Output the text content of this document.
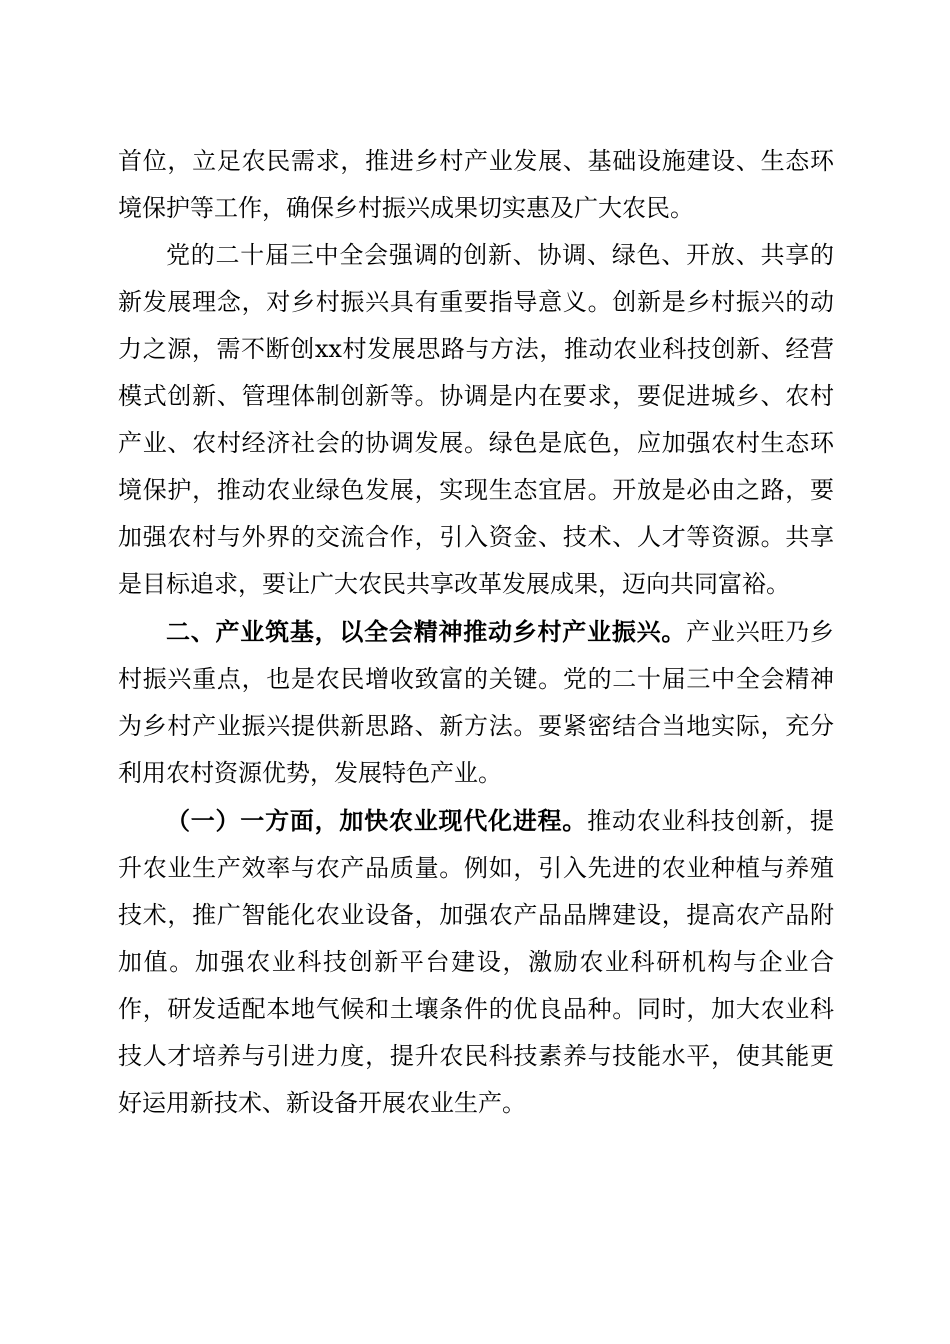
首位，立足农民需求，推进乡村产业发展、基础设施建设、生态环境保护等工作，确保乡村振兴成果切实惠及广大农民。

党的二十届三中全会强调的创新、协调、绿色、开放、共享的新发展理念，对乡村振兴具有重要指导意义。创新是乡村振兴的动力之源，需不断创xx村发展思路与方法，推动农业科技创新、经营模式创新、管理体制创新等。协调是内在要求，要促进城乡、农村产业、农村经济社会的协调发展。绿色是底色，应加强农村生态环境保护，推动农业绿色发展，实现生态宜居。开放是必由之路，要加强农村与外界的交流合作，引入资金、技术、人才等资源。共享是目标追求，要让广大农民共享改革发展成果，迈向共同富裕。

二、产业筑基，以全会精神推动乡村产业振兴。产业兴旺乃乡村振兴重点，也是农民增收致富的关键。党的二十届三中全会精神为乡村产业振兴提供新思路、新方法。要紧密结合当地实际，充分利用农村资源优势，发展特色产业。

（一）一方面，加快农业现代化进程。推动农业科技创新，提升农业生产效率与农产品质量。例如，引入先进的农业种植与养殖技术，推广智能化农业设备，加强农产品品牌建设，提高农产品附加值。加强农业科技创新平台建设，激励农业科研机构与企业合作，研发适配本地气候和土壤条件的优良品种。同时，加大农业科技人才培养与引进力度，提升农民科技素养与技能水平，使其能更好运用新技术、新设备开展农业生产。
